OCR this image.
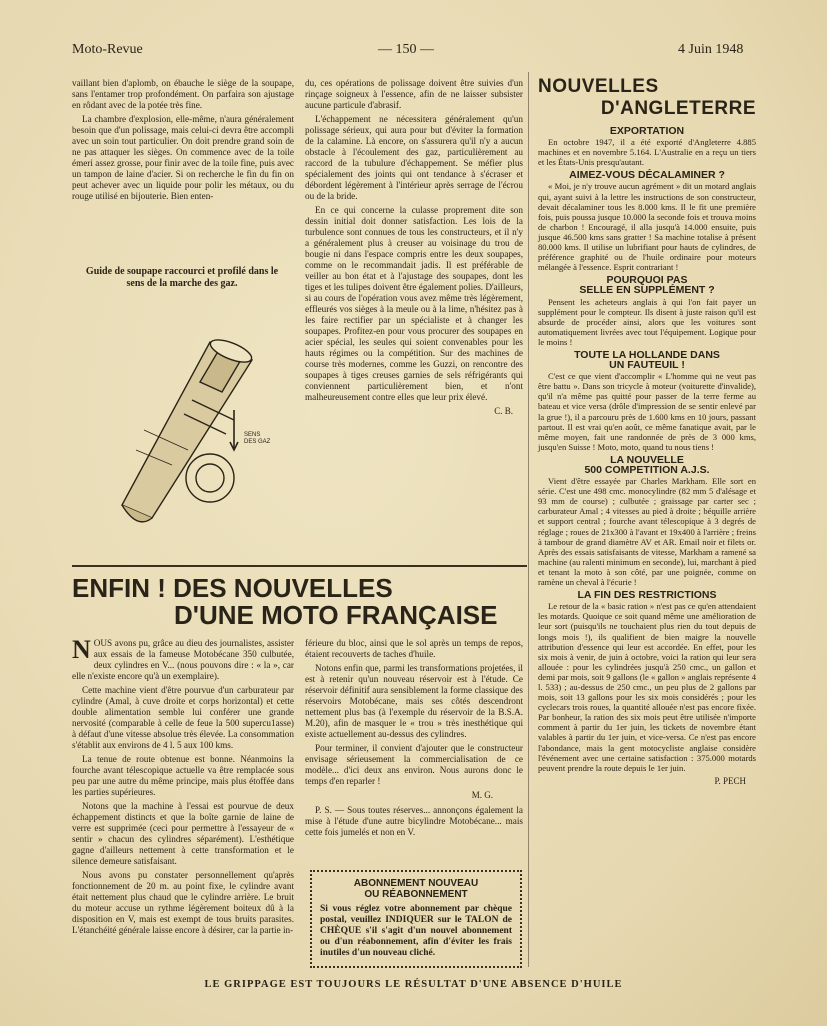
Moto-Revue	— 150 —	4 Juin 1948

vaillant bien d'aplomb, on ébauche le siège de la soupape, sans l'entamer trop profondément. On parfaira son ajustage en rôdant avec de la potée très fine.

La chambre d'explosion, elle-même, n'aura généralement besoin que d'un polissage, mais celui-ci devra être accompli avec un soin tout particulier. On doit prendre grand soin de ne pas attaquer les sièges. On commence avec de la toile émeri assez grosse, pour finir avec de la toile fine, puis avec un tampon de laine d'acier. Si on recherche le fin du fin on peut achever avec un liquide pour polir les métaux, ou du rouge utilisé en bijouterie. Bien enten-

Guide de soupape raccourci et profilé dans le sens de la marche des gaz.
SENS DES GAZ

du, ces opérations de polissage doivent être suivies d'un rinçage soigneux à l'essence, afin de ne laisser subsister aucune particule d'abrasif.

L'échappement ne nécessitera généralement qu'un polissage sérieux, qui aura pour but d'éviter la formation de la calamine. Là encore, on s'assurera qu'il n'y a aucun obstacle à l'écoulement des gaz, particulièrement au raccord de la tubulure d'échappement. Se méfier plus spécialement des joints qui ont tendance à s'écraser et débordent légèrement à l'intérieur après serrage de l'écrou ou de la bride.

En ce qui concerne la culasse proprement dite son dessin initial doit donner satisfaction. Les lois de la turbulence sont connues de tous les constructeurs, et il n'y a généralement plus à creuser au voisinage du trou de bougie ni dans l'espace compris entre les deux soupapes, comme on le recommandait jadis. Il est préférable de veiller au bon état et à l'ajustage des soupapes, dont les tiges et les tulipes doivent être également polies. D'ailleurs, si au cours de l'opération vous avez même très légèrement, effleurés vos sièges à la meule ou à la lime, n'hésitez pas à les faire rectifier par un spécialiste et à changer les soupapes. Profitez-en pour vous procurer des soupapes en acier spécial, les seules qui soient convenables pour les hauts régimes ou la compétition. Sur des machines de course très modernes, comme les Guzzi, on rencontre des soupapes à tiges creuses garnies de sels réfrigérants qui conviennent particulièrement bien, et n'ont malheureusement contre elles que leur prix élevé.

C. B.
ENFIN ! DES NOUVELLES
D'UNE MOTO FRANÇAISE

NOUS avons pu, grâce au dieu des journalistes, assister aux essais de la fameuse Motobécane 350 culbutée, deux cylindres en V... (nous pouvons dire : « la », car elle n'existe encore qu'à un exemplaire).

Cette machine vient d'être pourvue d'un carburateur par cylindre (Amal, à cuve droite et corps horizontal) et cette double alimentation semble lui conférer une grande nervosité (comparable à celle de feue la 500 supercu1asse) à défaut d'une vitesse absolue très élevée. La consommation s'établit aux environs de 4 l. 5 aux 100 kms.

La tenue de route obtenue est bonne. Néanmoins la fourche avant télescopique actuelle va être remplacée sous peu par une autre du même principe, mais plus étoffée dans les parties supérieures.

Notons que la machine à l'essai est pourvue de deux échappement distincts et que la boîte garnie de laine de verre est supprimée (ceci pour permettre à l'essayeur de « sentir » chacun des cylindres séparément). L'esthétique gagne d'ailleurs nettement à cette transformation et le silence demeure satisfaisant.

Nous avons pu constater personnellement qu'après fonctionnement de 20 m. au point fixe, le cylindre avant était nettement plus chaud que le cylindre arrière. Le bruit du moteur accuse un rythme légèrement boiteux dû à la disposition en V, mais est exempt de tous bruits parasites. L'étanchéité générale laisse encore à désirer, car la partie in-

férieure du bloc, ainsi que le sol après un temps de repos, étaient recouverts de taches d'huile.

Notons enfin que, parmi les transformations projetées, il est à retenir qu'un nouveau réservoir est à l'étude. Ce réservoir définitif aura sensiblement la forme classique des réservoirs Motobécane, mais ses côtés descendront nettement plus bas (à l'exemple du réservoir de la B.S.A. M.20), afin de masquer le « trou » très inesthétique qui existe actuellement au-dessus des cylindres.

Pour terminer, il convient d'ajouter que le constructeur envisage sérieusement la commercialisation de ce modèle... d'ici deux ans environ. Nous aurons donc le temps d'en reparler !

M. G.

P. S. — Sous toutes réserves... annonçons également la mise à l'étude d'une autre bicylindre Motobécane... mais cette fois jumelés et non en V.

ABONNEMENT NOUVEAU
OU RÉABONNEMENT
Si vous réglez votre abonnement par chèque postal, veuillez INDIQUER sur le TALON de CHÈQUE s'il s'agit d'un nouvel abonnement ou d'un réabonnement, afin d'éviter les frais inutiles d'un nouveau cliché.
NOUVELLES
D'ANGLETERRE
EXPORTATION

En octobre 1947, il a été exporté d'Angleterre 4.885 machines et en novembre 5.164. L'Australie en a reçu un tiers et les États-Unis presqu'autant.

AIMEZ-VOUS DÉCALAMINER ?

« Moi, je n'y trouve aucun agrément » dit un motard anglais qui, ayant suivi à la lettre les instructions de son constructeur, devait décalaminer tous les 8.000 kms. Il le fit une première fois, puis poussa jusque 10.000 la seconde fois et trouva moins de charbon ! Encouragé, il alla jusqu'à 14.000 ensuite, puis jusque 46.500 kms sans gratter ! Sa machine totalise à présent 80.000 kms. Il utilise un lubrifiant pour hauts de cylindres, de préférence graphité ou de l'huile ordinaire pour moteurs mélangée à l'essence. Esprit contrariant !

POURQUOI PAS
SELLE EN SUPPLÉMENT ?

Pensent les acheteurs anglais à qui l'on fait payer un supplément pour le compteur. Ils disent à juste raison qu'il est absurde de procéder ainsi, alors que les voitures sont automatiquement livrées avec tout l'équipement. Logique pour le moins !

TOUTE LA HOLLANDE DANS
UN FAUTEUIL !

C'est ce que vient d'accomplir « L'homme qui ne veut pas être battu ». Dans son tricycle à moteur (voiturette d'invalide), qu'il n'a même pas quitté pour passer de la terre ferme au bateau et vice versa (drôle d'impression de se sentir enlevé par la grue !), il a parcouru près de 1.600 kms en 10 jours, passant partout. Il est vrai qu'en août, ce même fanatique avait, par le même moyen, fait une randonnée de près de 3 000 kms, jusqu'en Suisse ! Moto, moto, quand tu nous tiens !

LA NOUVELLE
500 COMPETITION A.J.S.

Vient d'être essayée par Charles Markham. Elle sort en série. C'est une 498 cmc. monocylindre (82 mm 5 d'alésage et 93 mm de course) ; culbutée ; graissage par carter sec ; carburateur Amal ; 4 vitesses au pied à droite ; béquille arrière et support central ; fourche avant télescopique à 3 degrés de réglage ; roues de 21x300 à l'avant et 19x400 à l'arrière ; freins à tambour de grand diamètre AV et AR. Email noir et filets or. Après des essais satisfaisants de vitesse, Markham a ramené sa machine (au ralenti minimum en seconde), lui, marchant à pied et tenant la moto à son côté, par une poignée, comme on ramène un cheval à l'écurie !

LA FIN DES RESTRICTIONS

Le retour de la « basic ration » n'est pas ce qu'en attendaient les motards. Quoique ce soit quand même une amélioration de leur sort (puisqu'ils ne touchaient plus rien du tout depuis de longs mois !), ils qualifient de bien maigre la nouvelle attribution d'essence qui leur est accordée. En effet, pour les six mois à venir, de juin à octobre, voici la ration qui leur sera allouée : pour les cylindrées jusqu'à 250 cmc., un gallon et demi par mois, soit 9 gallons (le « gallon » anglais représente 4 l. 533) ; au-dessus de 250 cmc., un peu plus de 2 gallons par mois, soit 13 gallons pour les six mois considérés ; pour les cyclecars trois roues, la quantité allouée n'est pas encore fixée. Par bonheur, la ration des six mois peut être utilisée n'importe comment à partir du 1er juin, les tickets de novembre étant valables à partir du 1er juin, et vice-versa. Ce n'est pas encore l'abondance, mais la gent motocycliste anglaise considère l'événement avec une certaine satisfaction : 375.000 motards peuvent prendre la route depuis le 1er juin.

P. PECH
LE GRIPPAGE EST TOUJOURS LE RÉSULTAT D'UNE ABSENCE D'HUILE
